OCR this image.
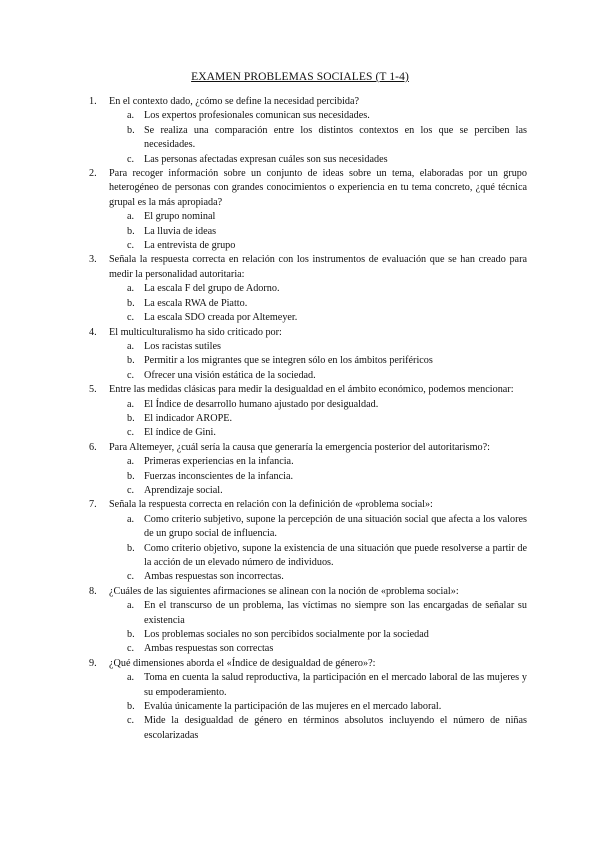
EXAMEN PROBLEMAS SOCIALES (T 1-4)
1. En el contexto dado, ¿cómo se define la necesidad percibida?
a. Los expertos profesionales comunican sus necesidades.
b. Se realiza una comparación entre los distintos contextos en los que se perciben las necesidades.
c. Las personas afectadas expresan cuáles son sus necesidades
2. Para recoger información sobre un conjunto de ideas sobre un tema, elaboradas por un grupo heterogéneo de personas con grandes conocimientos o experiencia en tu tema concreto, ¿qué técnica grupal es la más apropiada?
a. El grupo nominal
b. La lluvia de ideas
c. La entrevista de grupo
3. Señala la respuesta correcta en relación con los instrumentos de evaluación que se han creado para medir la personalidad autoritaria:
a. La escala F del grupo de Adorno.
b. La escala RWA de Piatto.
c. La escala SDO creada por Altemeyer.
4. El multiculturalismo ha sido criticado por:
a. Los racistas sutiles
b. Permitir a los migrantes que se integren sólo en los ámbitos periféricos
c. Ofrecer una visión estática de la sociedad.
5. Entre las medidas clásicas para medir la desigualdad en el ámbito económico, podemos mencionar:
a. El Índice de desarrollo humano ajustado por desigualdad.
b. El indicador AROPE.
c. El índice de Gini.
6. Para Altemeyer, ¿cuál sería la causa que generaría la emergencia posterior del autoritarismo?:
a. Primeras experiencias en la infancia.
b. Fuerzas inconscientes de la infancia.
c. Aprendizaje social.
7. Señala la respuesta correcta en relación con la definición de «problema social»:
a. Como criterio subjetivo, supone la percepción de una situación social que afecta a los valores de un grupo social de influencia.
b. Como criterio objetivo, supone la existencia de una situación que puede resolverse a partir de la acción de un elevado número de individuos.
c. Ambas respuestas son incorrectas.
8. ¿Cuáles de las siguientes afirmaciones se alinean con la noción de «problema social»:
a. En el transcurso de un problema, las víctimas no siempre son las encargadas de señalar su existencia
b. Los problemas sociales no son percibidos socialmente por la sociedad
c. Ambas respuestas son correctas
9. ¿Qué dimensiones aborda el «Índice de desigualdad de género»?:
a. Toma en cuenta la salud reproductiva, la participación en el mercado laboral de las mujeres y su empoderamiento.
b. Evalúa únicamente la participación de las mujeres en el mercado laboral.
c. Mide la desigualdad de género en términos absolutos incluyendo el número de niñas escolarizadas
